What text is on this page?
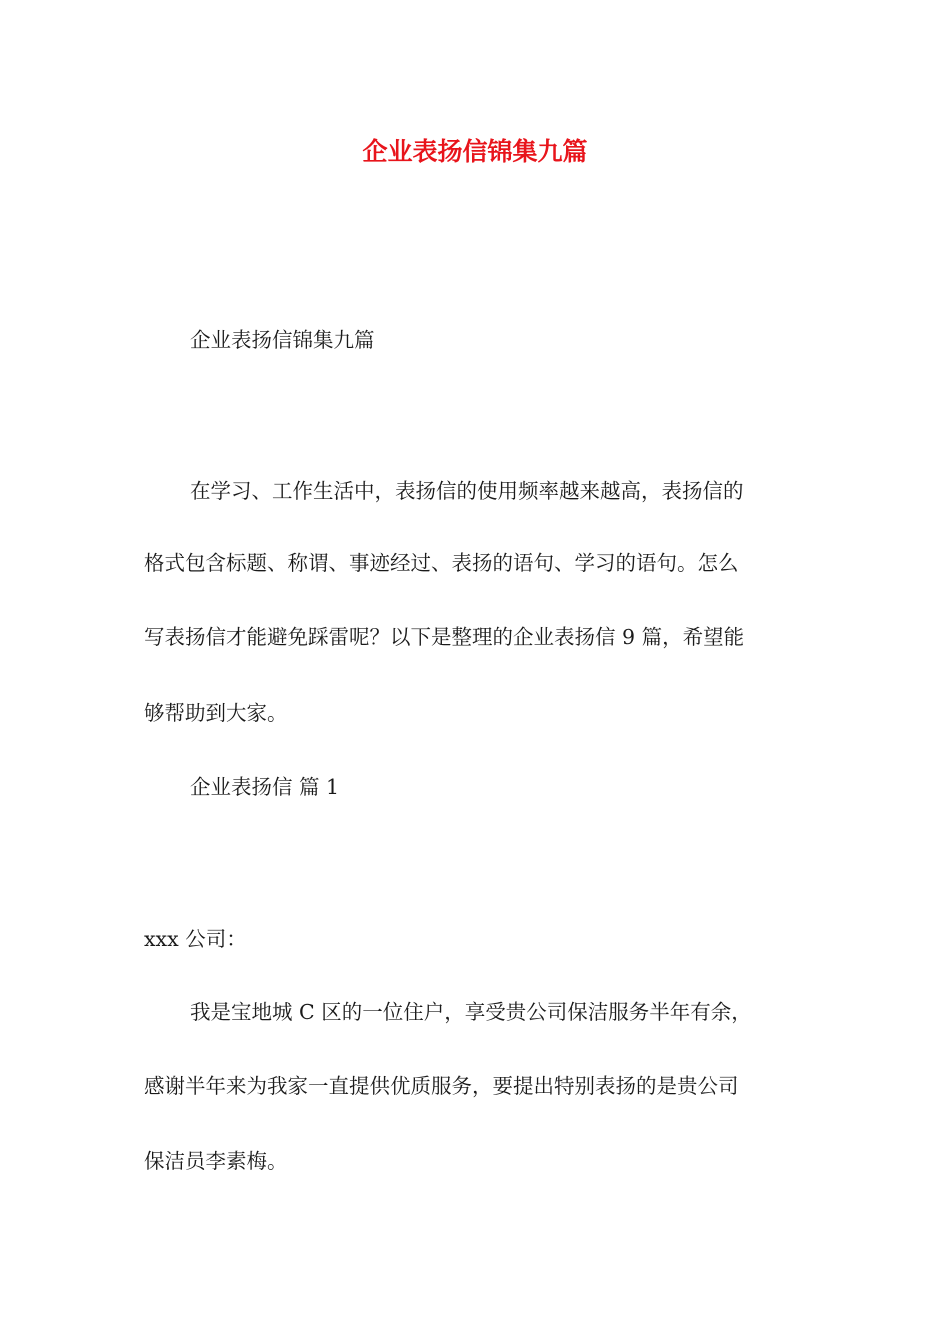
企业表扬信锦集九篇
企业表扬信锦集九篇
在学习、工作生活中，表扬信的使用频率越来越高，表扬信的
格式包含标题、称谓、事迹经过、表扬的语句、学习的语句。怎么
写表扬信才能避免踩雷呢？以下是整理的企业表扬信 9 篇，希望能
够帮助到大家。
企业表扬信 篇 1
xxx 公司：
我是宝地城 C 区的一位住户，享受贵公司保洁服务半年有余，
感谢半年来为我家一直提供优质服务，要提出特别表扬的是贵公司
保洁员李素梅。
